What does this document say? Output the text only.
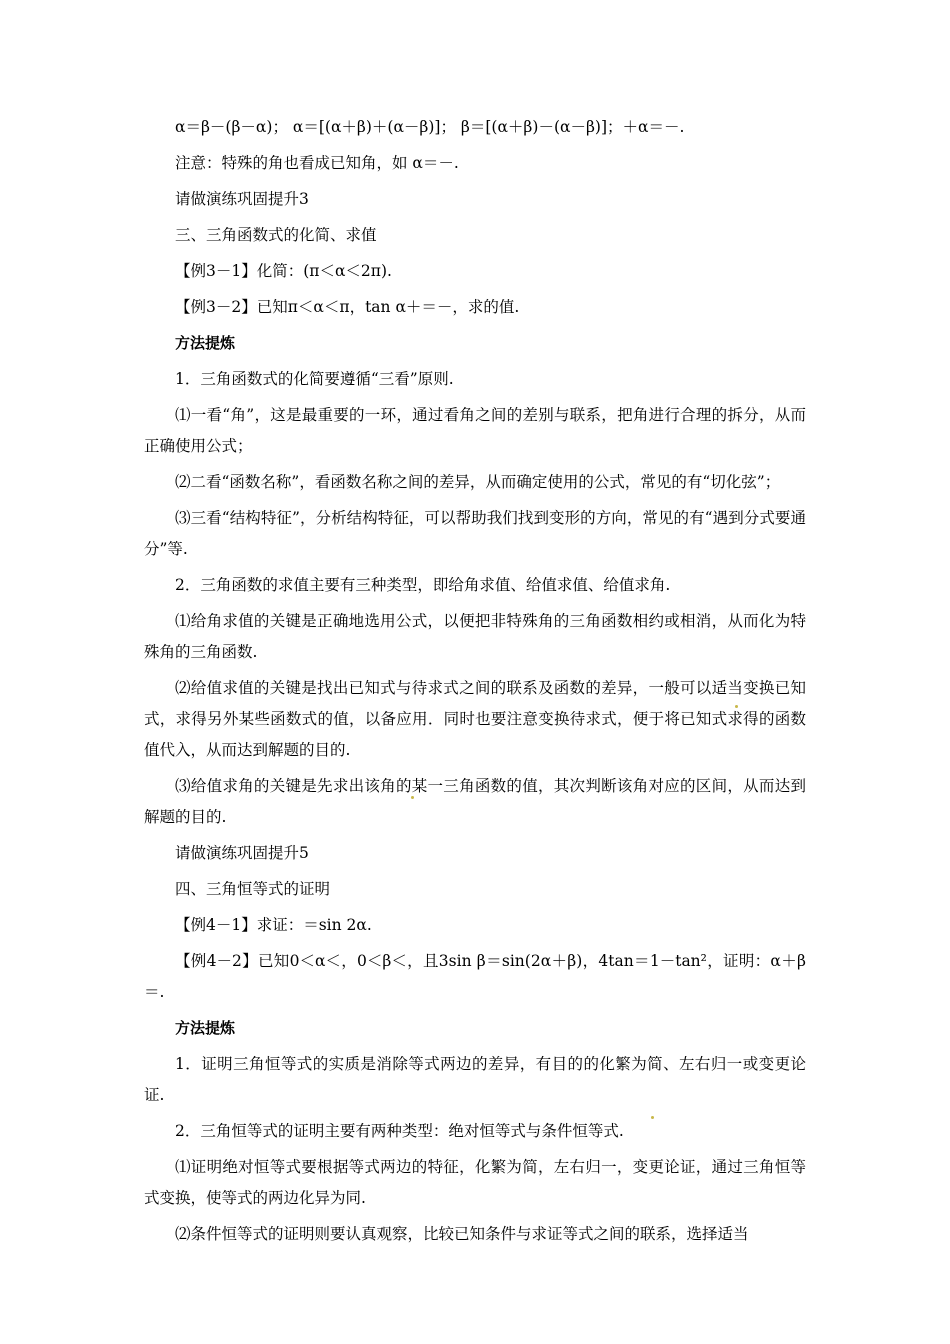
α＝β－(β－α)； α＝[(α＋β)＋(α－β)]； β＝[(α＋β)－(α－β)]；＋α＝－.

注意：特殊的角也看成已知角，如 α＝－.

请做演练巩固提升3

三、三角函数式的化简、求值

【例3－1】化简：(π＜α＜2π).

【例3－2】已知π＜α＜π，tan α＋＝－，求的值.

方法提炼

1．三角函数式的化简要遵循“三看”原则.

⑴一看“角”，这是最重要的一环，通过看角之间的差别与联系，把角进行合理的拆分，从而正确使用公式；

⑵二看“函数名称”，看函数名称之间的差异，从而确定使用的公式，常见的有“切化弦”；

⑶三看“结构特征”，分析结构特征，可以帮助我们找到变形的方向，常见的有“遇到分式要通分”等.

2．三角函数的求值主要有三种类型，即给角求值、给值求值、给值求角.

⑴给角求值的关键是正确地选用公式，以便把非特殊角的三角函数相约或相消，从而化为特殊角的三角函数.

⑵给值求值的关键是找出已知式与待求式之间的联系及函数的差异，一般可以适当变换已知式，求得另外某些函数式的值，以备应用．同时也要注意变换待求式，便于将已知式求得的函数值代入，从而达到解题的目的.

⑶给值求角的关键是先求出该角的某一三角函数的值，其次判断该角对应的区间，从而达到解题的目的.

请做演练巩固提升5

四、三角恒等式的证明

【例4－1】求证：＝sin 2α.

【例4－2】已知0＜α＜，0＜β＜，且3sin β＝sin(2α＋β)，4tan＝1－tan²，证明：α＋β＝.

方法提炼

1．证明三角恒等式的实质是消除等式两边的差异，有目的的化繁为简、左右归一或变更论证.

2．三角恒等式的证明主要有两种类型：绝对恒等式与条件恒等式.

⑴证明绝对恒等式要根据等式两边的特征，化繁为简，左右归一，变更论证，通过三角恒等式变换，使等式的两边化异为同.

⑵条件恒等式的证明则要认真观察，比较已知条件与求证等式之间的联系，选择适当
